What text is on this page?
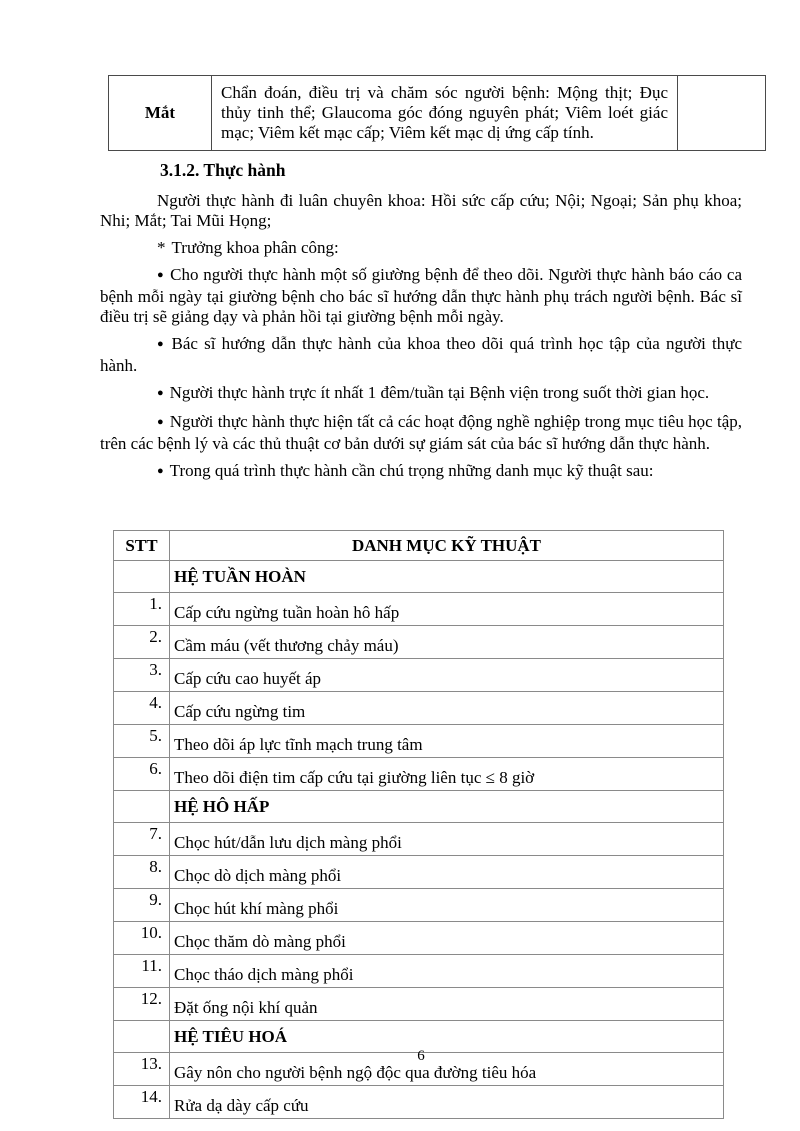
Mắt	Chẩn đoán, điều trị và chăm sóc người bệnh: Mộng thịt; Đục thủy tinh thể; Glaucoma góc đóng nguyên phát; Viêm loét giác mạc; Viêm kết mạc cấp; Viêm kết mạc dị ứng cấp tính.	
3.1.2. Thực hành

Người thực hành đi luân chuyên khoa: Hồi sức cấp cứu; Nội; Ngoại; Sản phụ khoa; Nhi; Mắt; Tai Mũi Họng;

* Trưởng khoa phân công:

● Cho người thực hành một số giường bệnh để theo dõi. Người thực hành báo cáo ca bệnh mỗi ngày tại giường bệnh cho bác sĩ hướng dẫn thực hành phụ trách người bệnh. Bác sĩ điều trị sẽ giảng dạy và phản hồi tại giường bệnh mỗi ngày.

● Bác sĩ hướng dẫn thực hành của khoa theo dõi quá trình học tập của người thực hành.

● Người thực hành trực ít nhất 1 đêm/tuần tại Bệnh viện trong suốt thời gian học.

● Người thực hành thực hiện tất cả các hoạt động nghề nghiệp trong mục tiêu học tập, trên các bệnh lý và các thủ thuật cơ bản dưới sự giám sát của bác sĩ hướng dẫn thực hành.

● Trong quá trình thực hành cần chú trọng những danh mục kỹ thuật sau:

STT	DANH MỤC KỸ THUẬT
	HỆ TUẦN HOÀN
1.	Cấp cứu ngừng tuần hoàn hô hấp
2.	Cầm máu (vết thương chảy máu)
3.	Cấp cứu cao huyết áp
4.	Cấp cứu ngừng tim
5.	Theo dõi áp lực tĩnh mạch trung tâm
6.	Theo dõi điện tim cấp cứu tại giường liên tục ≤ 8 giờ
	HỆ HÔ HẤP
7.	Chọc hút/dẫn lưu dịch màng phổi
8.	Chọc dò dịch màng phổi
9.	Chọc hút khí màng phổi
10.	Chọc thăm dò màng phổi
11.	Chọc tháo dịch màng phổi
12.	Đặt ống nội khí quản
	HỆ TIÊU HOÁ
13.	Gây nôn cho người bệnh ngộ độc qua đường tiêu hóa
14.	Rửa dạ dày cấp cứu
6
